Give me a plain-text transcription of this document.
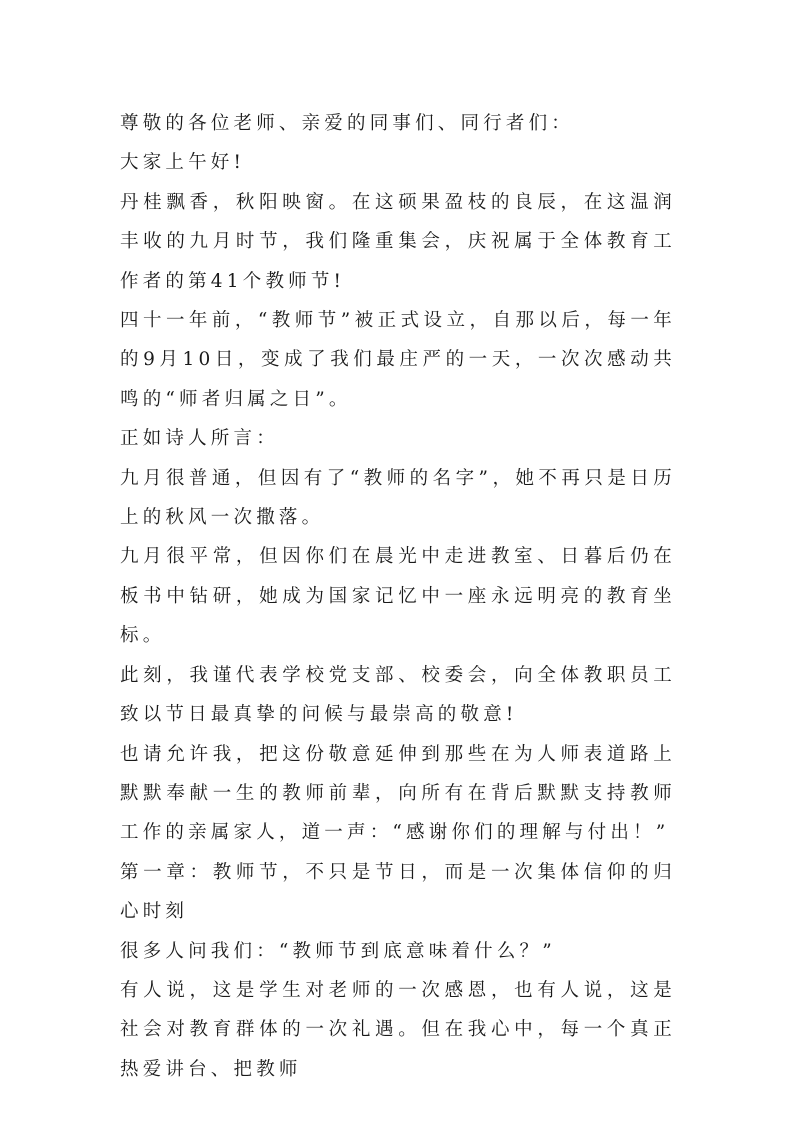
尊敬的各位老师、亲爱的同事们、同行者们：

大家上午好!

丹桂飘香，秋阳映窗。在这硕果盈枝的良辰，在这温润丰收的九月时节，我们隆重集会，庆祝属于全体教育工作者的第41个教师节!

四十一年前，“教师节”被正式设立，自那以后，每一年的9月10日，变成了我们最庄严的一天，一次次感动共鸣的“师者归属之日”。

正如诗人所言：

九月很普通，但因有了“教师的名字”，她不再只是日历上的秋风一次撒落。

九月很平常，但因你们在晨光中走进教室、日暮后仍在板书中钻研，她成为国家记忆中一座永远明亮的教育坐标。

此刻，我谨代表学校党支部、校委会，向全体教职员工致以节日最真挚的问候与最崇高的敬意!

也请允许我，把这份敬意延伸到那些在为人师表道路上默默奉献一生的教师前辈，向所有在背后默默支持教师工作的亲属家人，道一声：“感谢你们的理解与付出！”

第一章：教师节，不只是节日，而是一次集体信仰的归心时刻

很多人问我们：“教师节到底意味着什么？”

有人说，这是学生对老师的一次感恩，也有人说，这是社会对教育群体的一次礼遇。但在我心中，每一个真正热爱讲台、把教师
